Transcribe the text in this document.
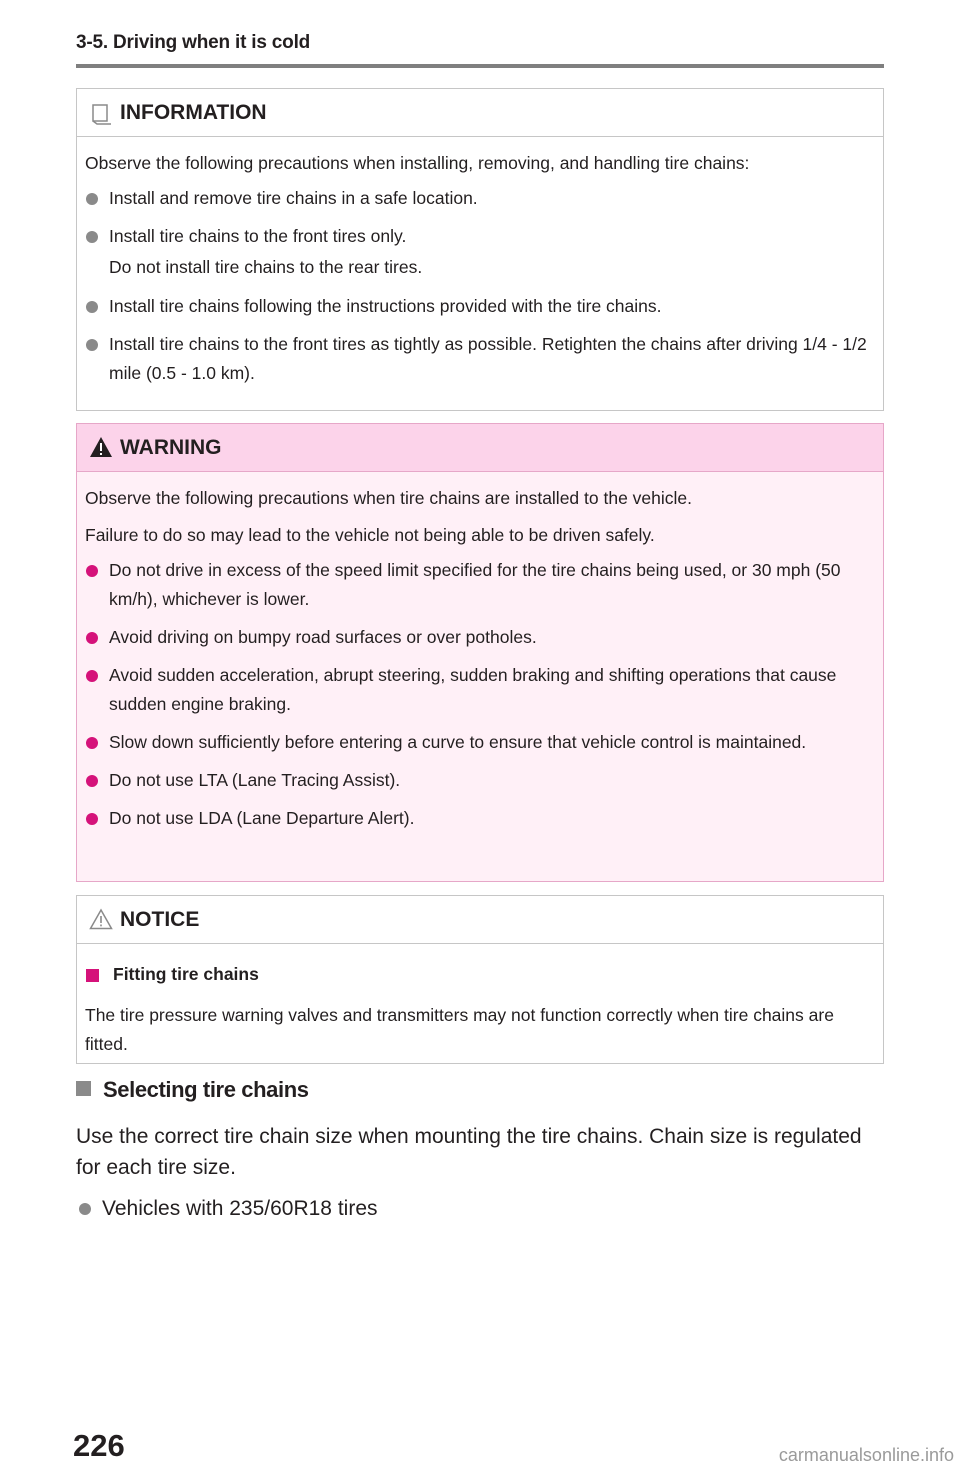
3-5. Driving when it is cold
INFORMATION
Observe the following precautions when installing, removing, and handling tire chains:
Install and remove tire chains in a safe location.
Install tire chains to the front tires only.
Do not install tire chains to the rear tires.
Install tire chains following the instructions provided with the tire chains.
Install tire chains to the front tires as tightly as possible. Retighten the chains after driving 1/4 - 1/2 mile (0.5 - 1.0 km).
WARNING
Observe the following precautions when tire chains are installed to the vehicle.
Failure to do so may lead to the vehicle not being able to be driven safely.
Do not drive in excess of the speed limit specified for the tire chains being used, or 30 mph (50 km/h), whichever is lower.
Avoid driving on bumpy road surfaces or over potholes.
Avoid sudden acceleration, abrupt steering, sudden braking and shifting operations that cause sudden engine braking.
Slow down sufficiently before entering a curve to ensure that vehicle control is maintained.
Do not use LTA (Lane Tracing Assist).
Do not use LDA (Lane Departure Alert).
NOTICE
Fitting tire chains
The tire pressure warning valves and transmitters may not function correctly when tire chains are fitted.
Selecting tire chains
Use the correct tire chain size when mounting the tire chains. Chain size is regulated for each tire size.
Vehicles with 235/60R18 tires
226	carmanualsonline.info
